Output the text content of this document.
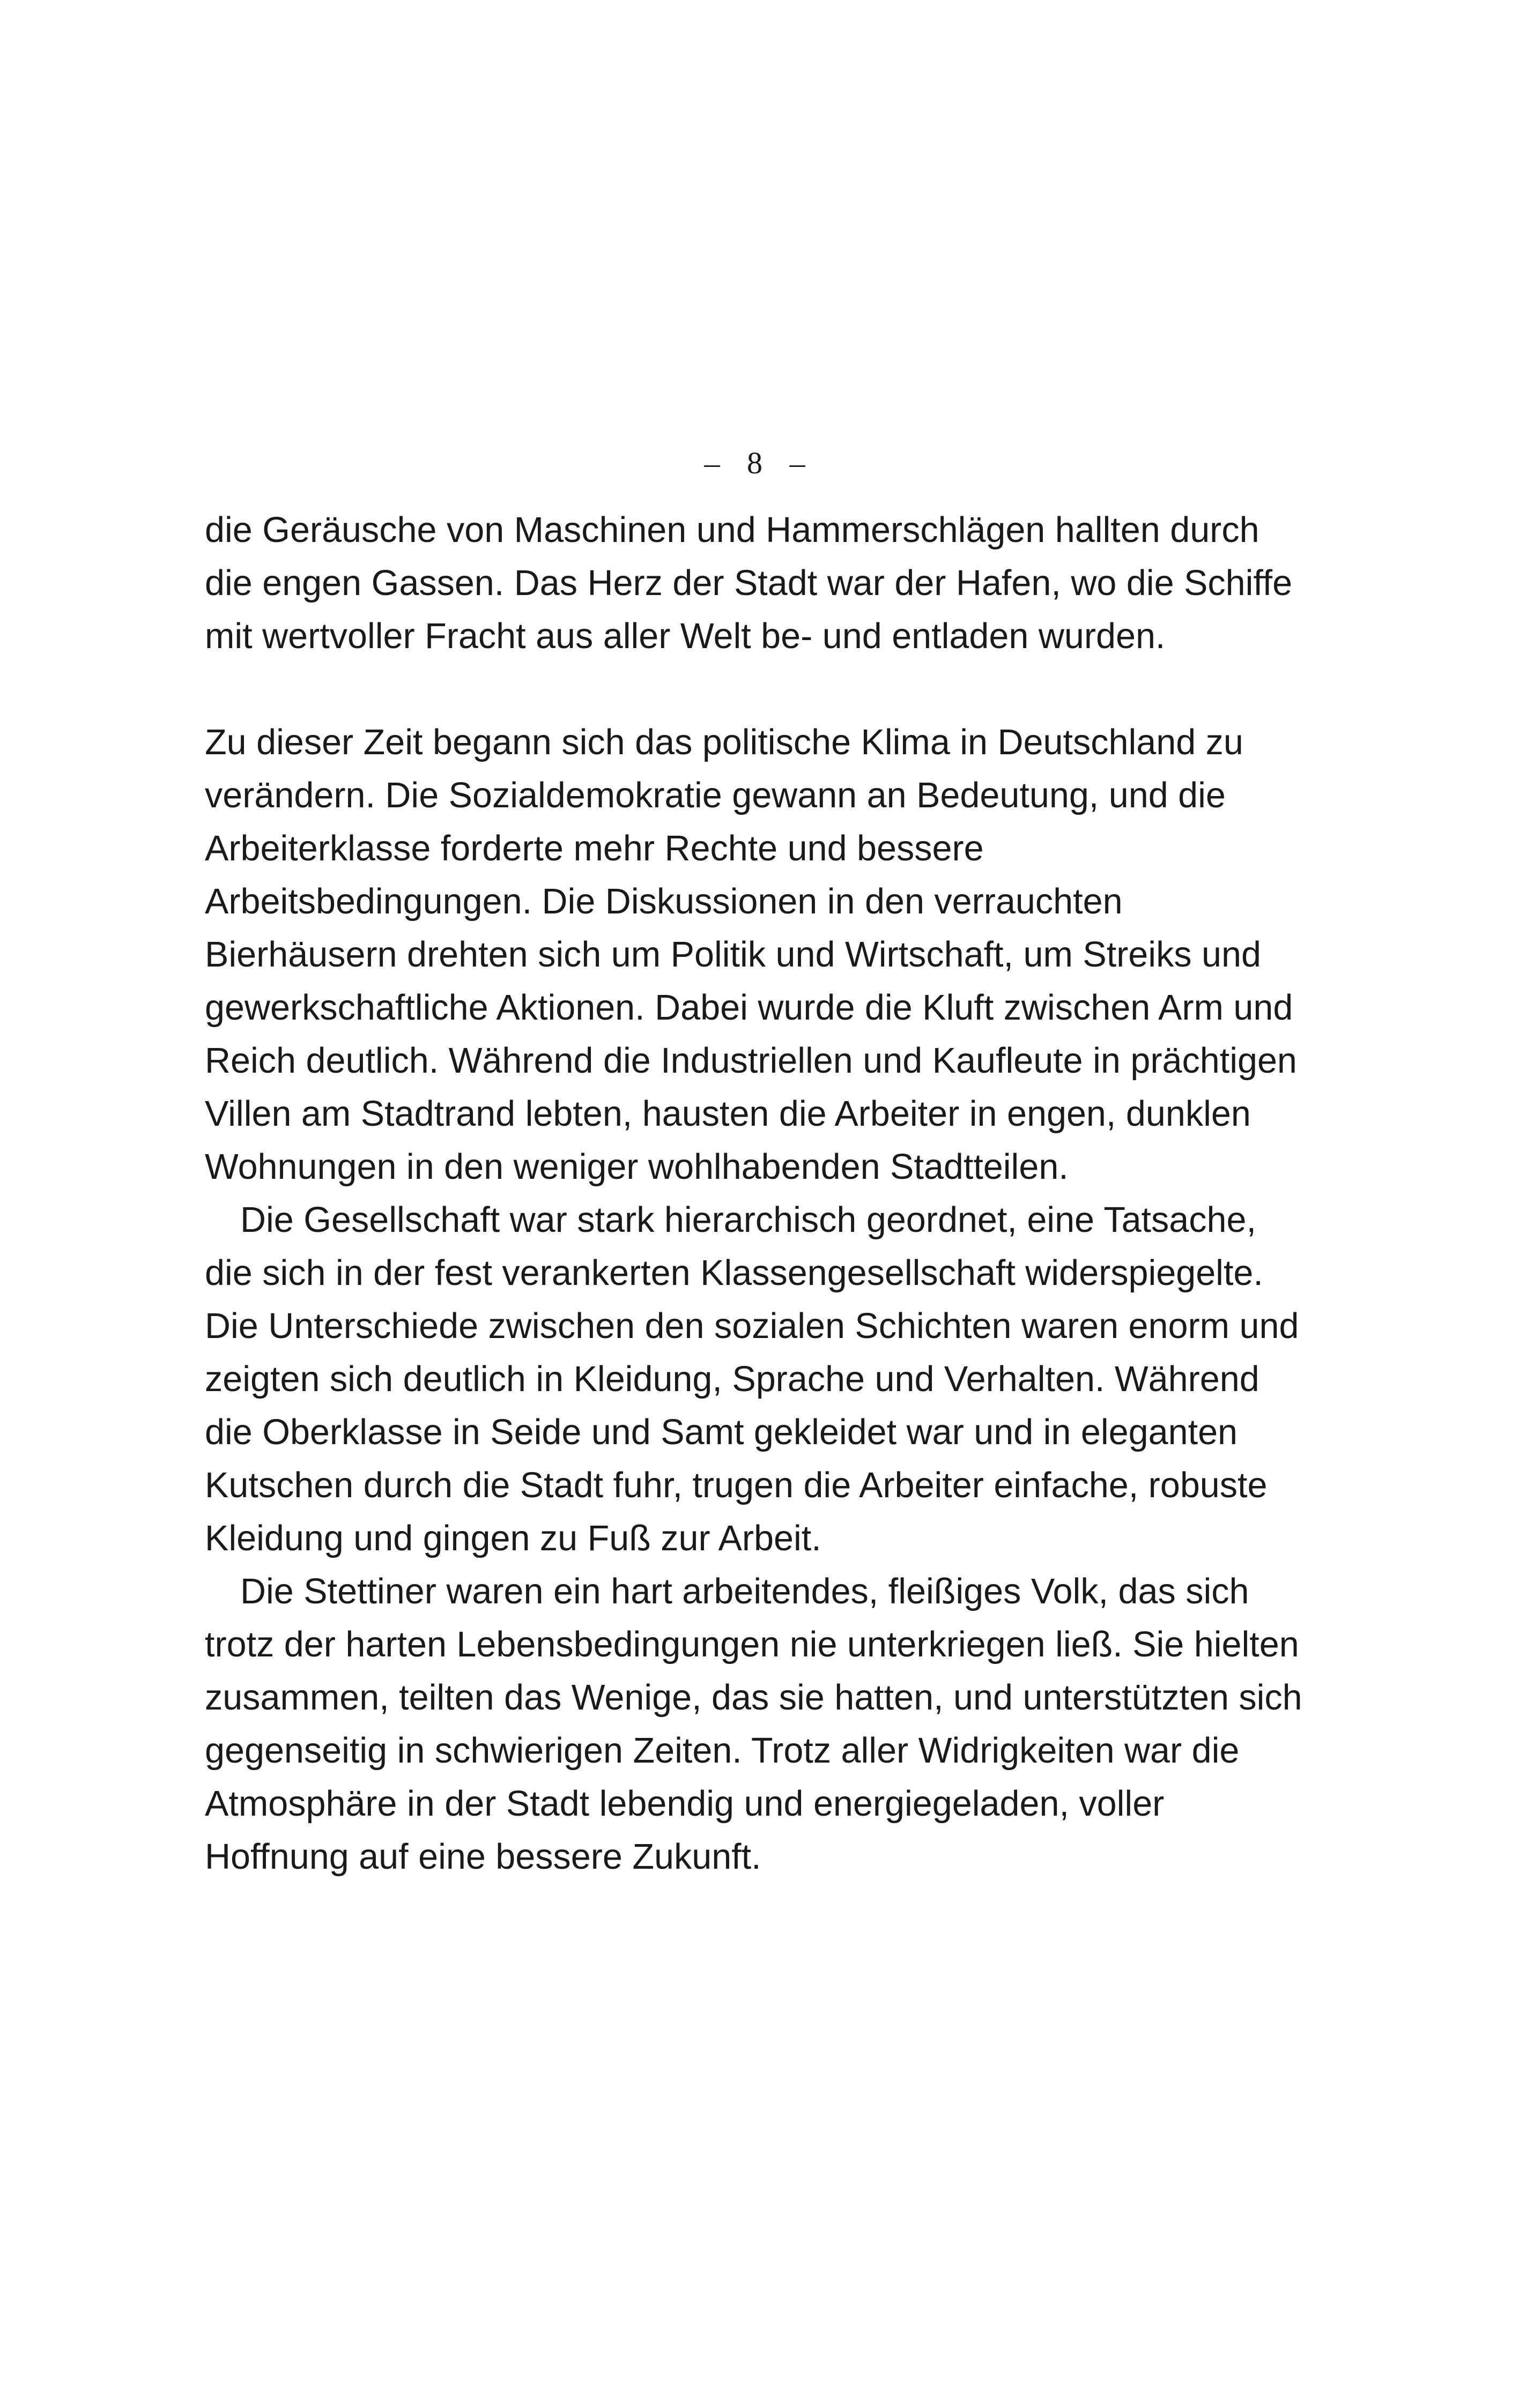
– 8 –
die Geräusche von Maschinen und Hammerschlägen hallten durch
die engen Gassen. Das Herz der Stadt war der Hafen, wo die Schiffe
mit wertvoller Fracht aus aller Welt be- und entladen wurden.
Zu dieser Zeit begann sich das politische Klima in Deutschland zu
verändern. Die Sozialdemokratie gewann an Bedeutung, und die
Arbeiterklasse forderte mehr Rechte und bessere
Arbeitsbedingungen. Die Diskussionen in den verrauchten
Bierhäusern drehten sich um Politik und Wirtschaft, um Streiks und
gewerkschaftliche Aktionen. Dabei wurde die Kluft zwischen Arm und
Reich deutlich. Während die Industriellen und Kaufleute in prächtigen
Villen am Stadtrand lebten, hausten die Arbeiter in engen, dunklen
Wohnungen in den weniger wohlhabenden Stadtteilen.
Die Gesellschaft war stark hierarchisch geordnet, eine Tatsache,
die sich in der fest verankerten Klassengesellschaft widerspiegelte.
Die Unterschiede zwischen den sozialen Schichten waren enorm und
zeigten sich deutlich in Kleidung, Sprache und Verhalten. Während
die Oberklasse in Seide und Samt gekleidet war und in eleganten
Kutschen durch die Stadt fuhr, trugen die Arbeiter einfache, robuste
Kleidung und gingen zu Fuß zur Arbeit.
Die Stettiner waren ein hart arbeitendes, fleißiges Volk, das sich
trotz der harten Lebensbedingungen nie unterkriegen ließ. Sie hielten
zusammen, teilten das Wenige, das sie hatten, und unterstützten sich
gegenseitig in schwierigen Zeiten. Trotz aller Widrigkeiten war die
Atmosphäre in der Stadt lebendig und energiegeladen, voller
Hoffnung auf eine bessere Zukunft.
